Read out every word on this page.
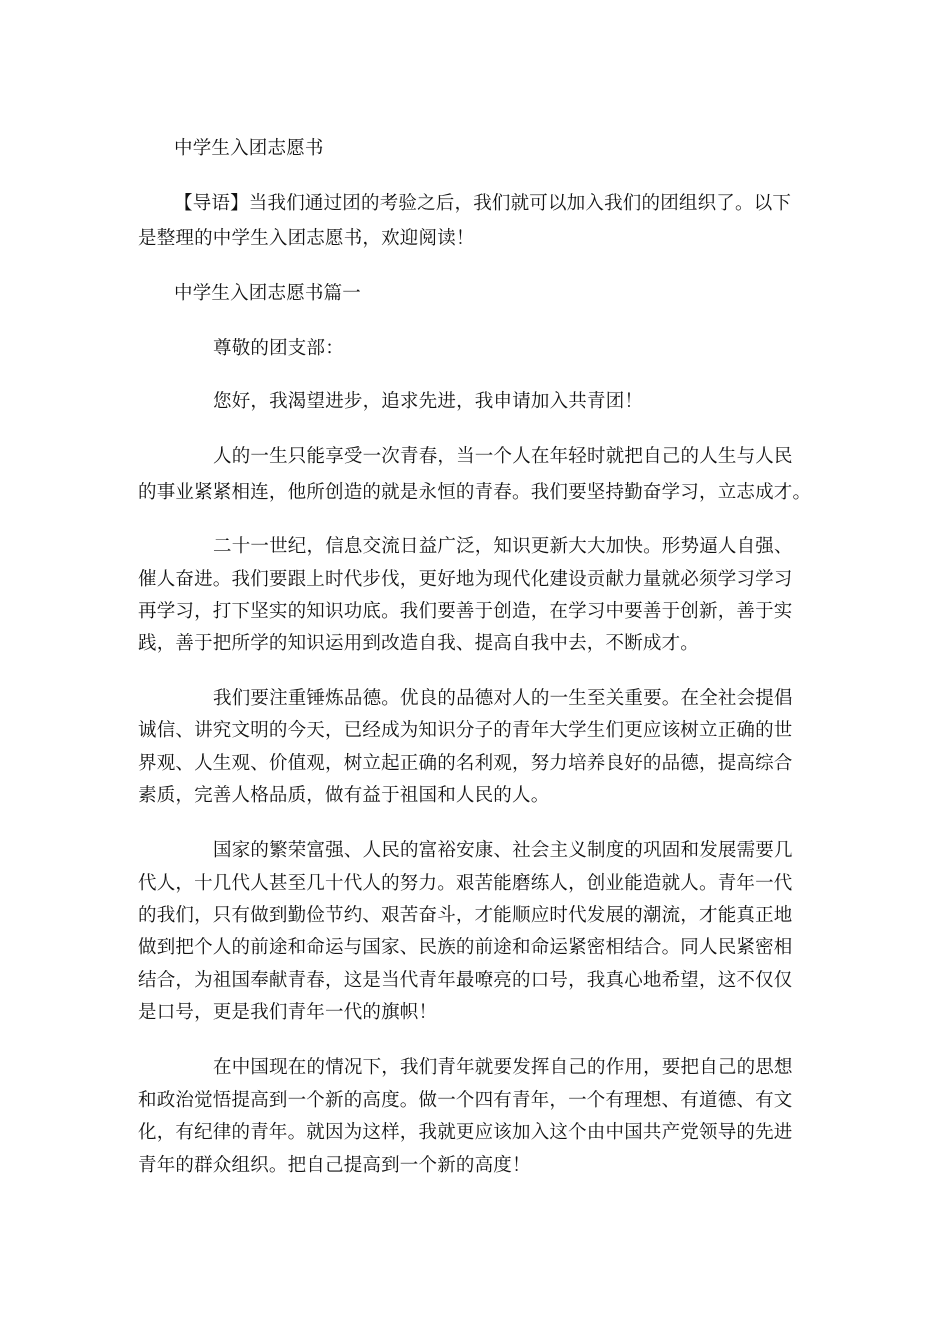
中学生入团志愿书
【导语】当我们通过团的考验之后，我们就可以加入我们的团组织了。以下
是整理的中学生入团志愿书，欢迎阅读！
中学生入团志愿书篇一
尊敬的团支部：
您好，我渴望进步，追求先进，我申请加入共青团！
人的一生只能享受一次青春，当一个人在年轻时就把自己的人生与人民
的事业紧紧相连，他所创造的就是永恒的青春。我们要坚持勤奋学习，立志成才。
二十一世纪，信息交流日益广泛，知识更新大大加快。形势逼人自强、
催人奋进。我们要跟上时代步伐，更好地为现代化建设贡献力量就必须学习学习
再学习，打下坚实的知识功底。我们要善于创造，在学习中要善于创新，善于实
践，善于把所学的知识运用到改造自我、提高自我中去，不断成才。
我们要注重锤炼品德。优良的品德对人的一生至关重要。在全社会提倡
诚信、讲究文明的今天，已经成为知识分子的青年大学生们更应该树立正确的世
界观、人生观、价值观，树立起正确的名利观，努力培养良好的品德，提高综合
素质，完善人格品质，做有益于祖国和人民的人。
国家的繁荣富强、人民的富裕安康、社会主义制度的巩固和发展需要几
代人，十几代人甚至几十代人的努力。艰苦能磨练人，创业能造就人。青年一代
的我们，只有做到勤俭节约、艰苦奋斗，才能顺应时代发展的潮流，才能真正地
做到把个人的前途和命运与国家、民族的前途和命运紧密相结合。同人民紧密相
结合，为祖国奉献青春，这是当代青年最嘹亮的口号，我真心地希望，这不仅仅
是口号，更是我们青年一代的旗帜！
在中国现在的情况下，我们青年就要发挥自己的作用，要把自己的思想
和政治觉悟提高到一个新的高度。做一个四有青年，一个有理想、有道德、有文
化，有纪律的青年。就因为这样，我就更应该加入这个由中国共产党领导的先进
青年的群众组织。把自己提高到一个新的高度！
